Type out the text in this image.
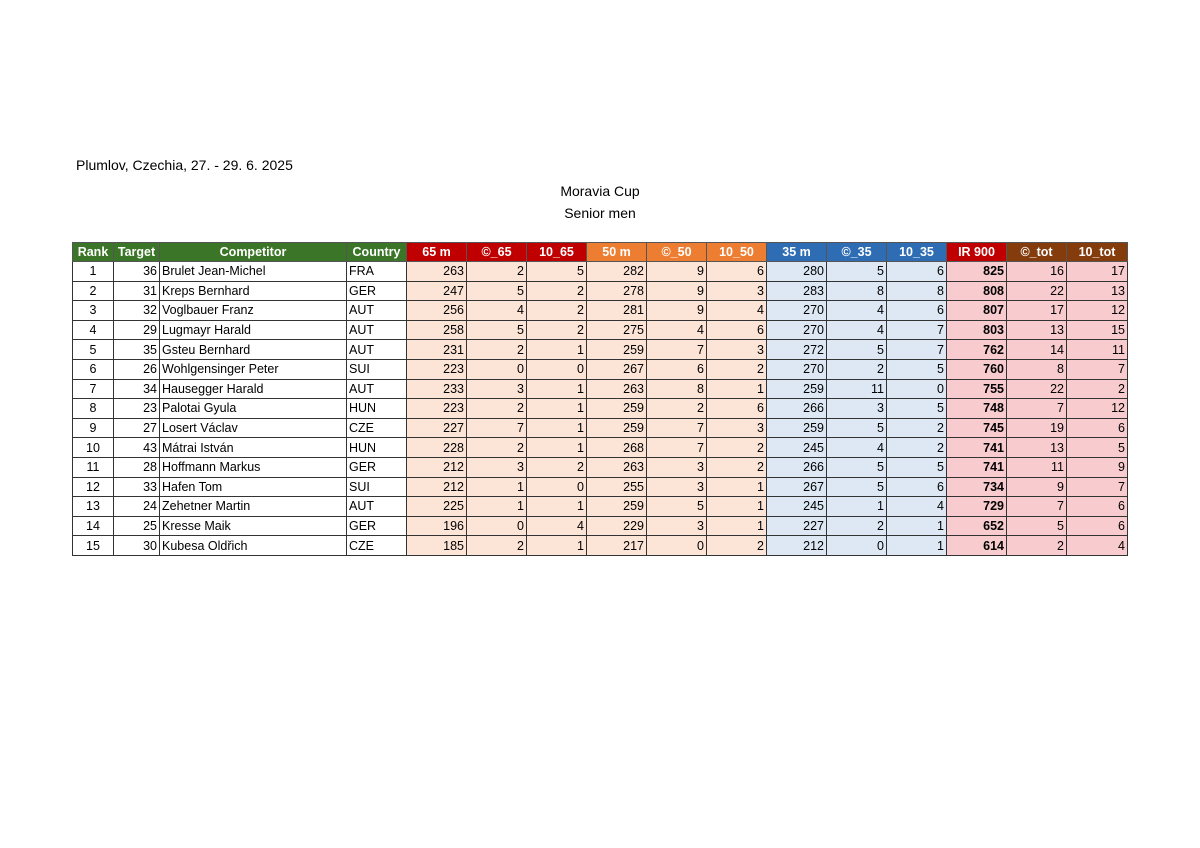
Plumlov, Czechia, 27. - 29. 6. 2025
Moravia Cup
Senior men
Rank	Target	Competitor	Country	65 m	©_65	10_65	50 m	©_50	10_50	35 m	©_35	10_35	IR 900	©_tot	10_tot
1	36	Brulet Jean-Michel	FRA	263	2	5	282	9	6	280	5	6	825	16	17
2	31	Kreps Bernhard	GER	247	5	2	278	9	3	283	8	8	808	22	13
3	32	Voglbauer Franz	AUT	256	4	2	281	9	4	270	4	6	807	17	12
4	29	Lugmayr Harald	AUT	258	5	2	275	4	6	270	4	7	803	13	15
5	35	Gsteu Bernhard	AUT	231	2	1	259	7	3	272	5	7	762	14	11
6	26	Wohlgensinger Peter	SUI	223	0	0	267	6	2	270	2	5	760	8	7
7	34	Hausegger Harald	AUT	233	3	1	263	8	1	259	11	0	755	22	2
8	23	Palotai Gyula	HUN	223	2	1	259	2	6	266	3	5	748	7	12
9	27	Losert Václav	CZE	227	7	1	259	7	3	259	5	2	745	19	6
10	43	Mátrai István	HUN	228	2	1	268	7	2	245	4	2	741	13	5
11	28	Hoffmann Markus	GER	212	3	2	263	3	2	266	5	5	741	11	9
12	33	Hafen Tom	SUI	212	1	0	255	3	1	267	5	6	734	9	7
13	24	Zehetner Martin	AUT	225	1	1	259	5	1	245	1	4	729	7	6
14	25	Kresse Maik	GER	196	0	4	229	3	1	227	2	1	652	5	6
15	30	Kubesa Oldřich	CZE	185	2	1	217	0	2	212	0	1	614	2	4
